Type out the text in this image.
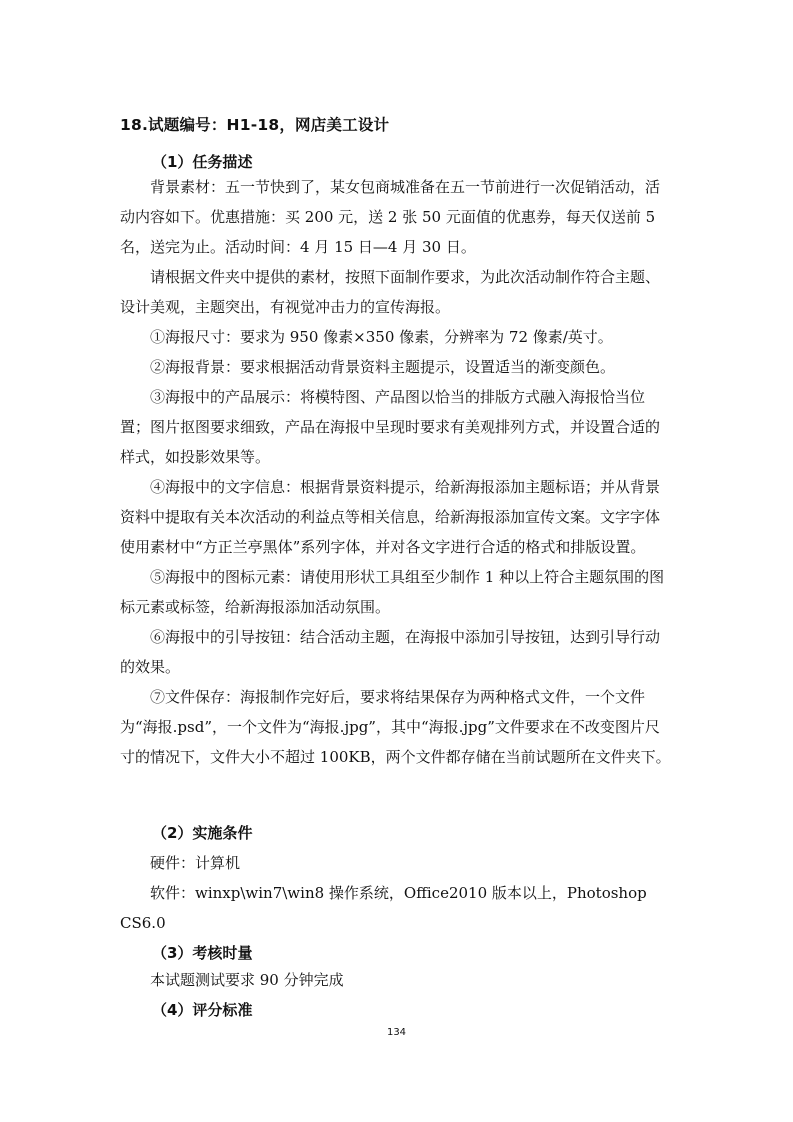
18.试题编号：H1-18，网店美工设计
（1）任务描述

背景素材：五一节快到了，某女包商城准备在五一节前进行一次促销活动，活动内容如下。优惠措施：买 200 元，送 2 张 50 元面值的优惠券，每天仅送前 5 名，送完为止。活动时间：4 月 15 日—4 月 30 日。

请根据文件夹中提供的素材，按照下面制作要求，为此次活动制作符合主题、设计美观，主题突出，有视觉冲击力的宣传海报。

①海报尺寸：要求为 950 像素×350 像素，分辨率为 72 像素/英寸。

②海报背景：要求根据活动背景资料主题提示，设置适当的渐变颜色。

③海报中的产品展示：将模特图、产品图以恰当的排版方式融入海报恰当位置；图片抠图要求细致，产品在海报中呈现时要求有美观排列方式，并设置合适的样式，如投影效果等。

④海报中的文字信息：根据背景资料提示，给新海报添加主题标语；并从背景资料中提取有关本次活动的利益点等相关信息，给新海报添加宣传文案。文字字体使用素材中“方正兰亭黑体”系列字体，并对各文字进行合适的格式和排版设置。

⑤海报中的图标元素：请使用形状工具组至少制作 1 种以上符合主题氛围的图标元素或标签，给新海报添加活动氛围。

⑥海报中的引导按钮：结合活动主题，在海报中添加引导按钮，达到引导行动的效果。

⑦文件保存：海报制作完好后，要求将结果保存为两种格式文件，一个文件为“海报.psd”，一个文件为“海报.jpg”，其中“海报.jpg”文件要求在不改变图片尺寸的情况下，文件大小不超过 100KB，两个文件都存储在当前试题所在文件夹下。

（2）实施条件

硬件：计算机

软件：winxp\win7\win8 操作系统，Office2010 版本以上，Photoshop CS6.0

（3）考核时量

本试题测试要求 90 分钟完成

（4）评分标准
134
